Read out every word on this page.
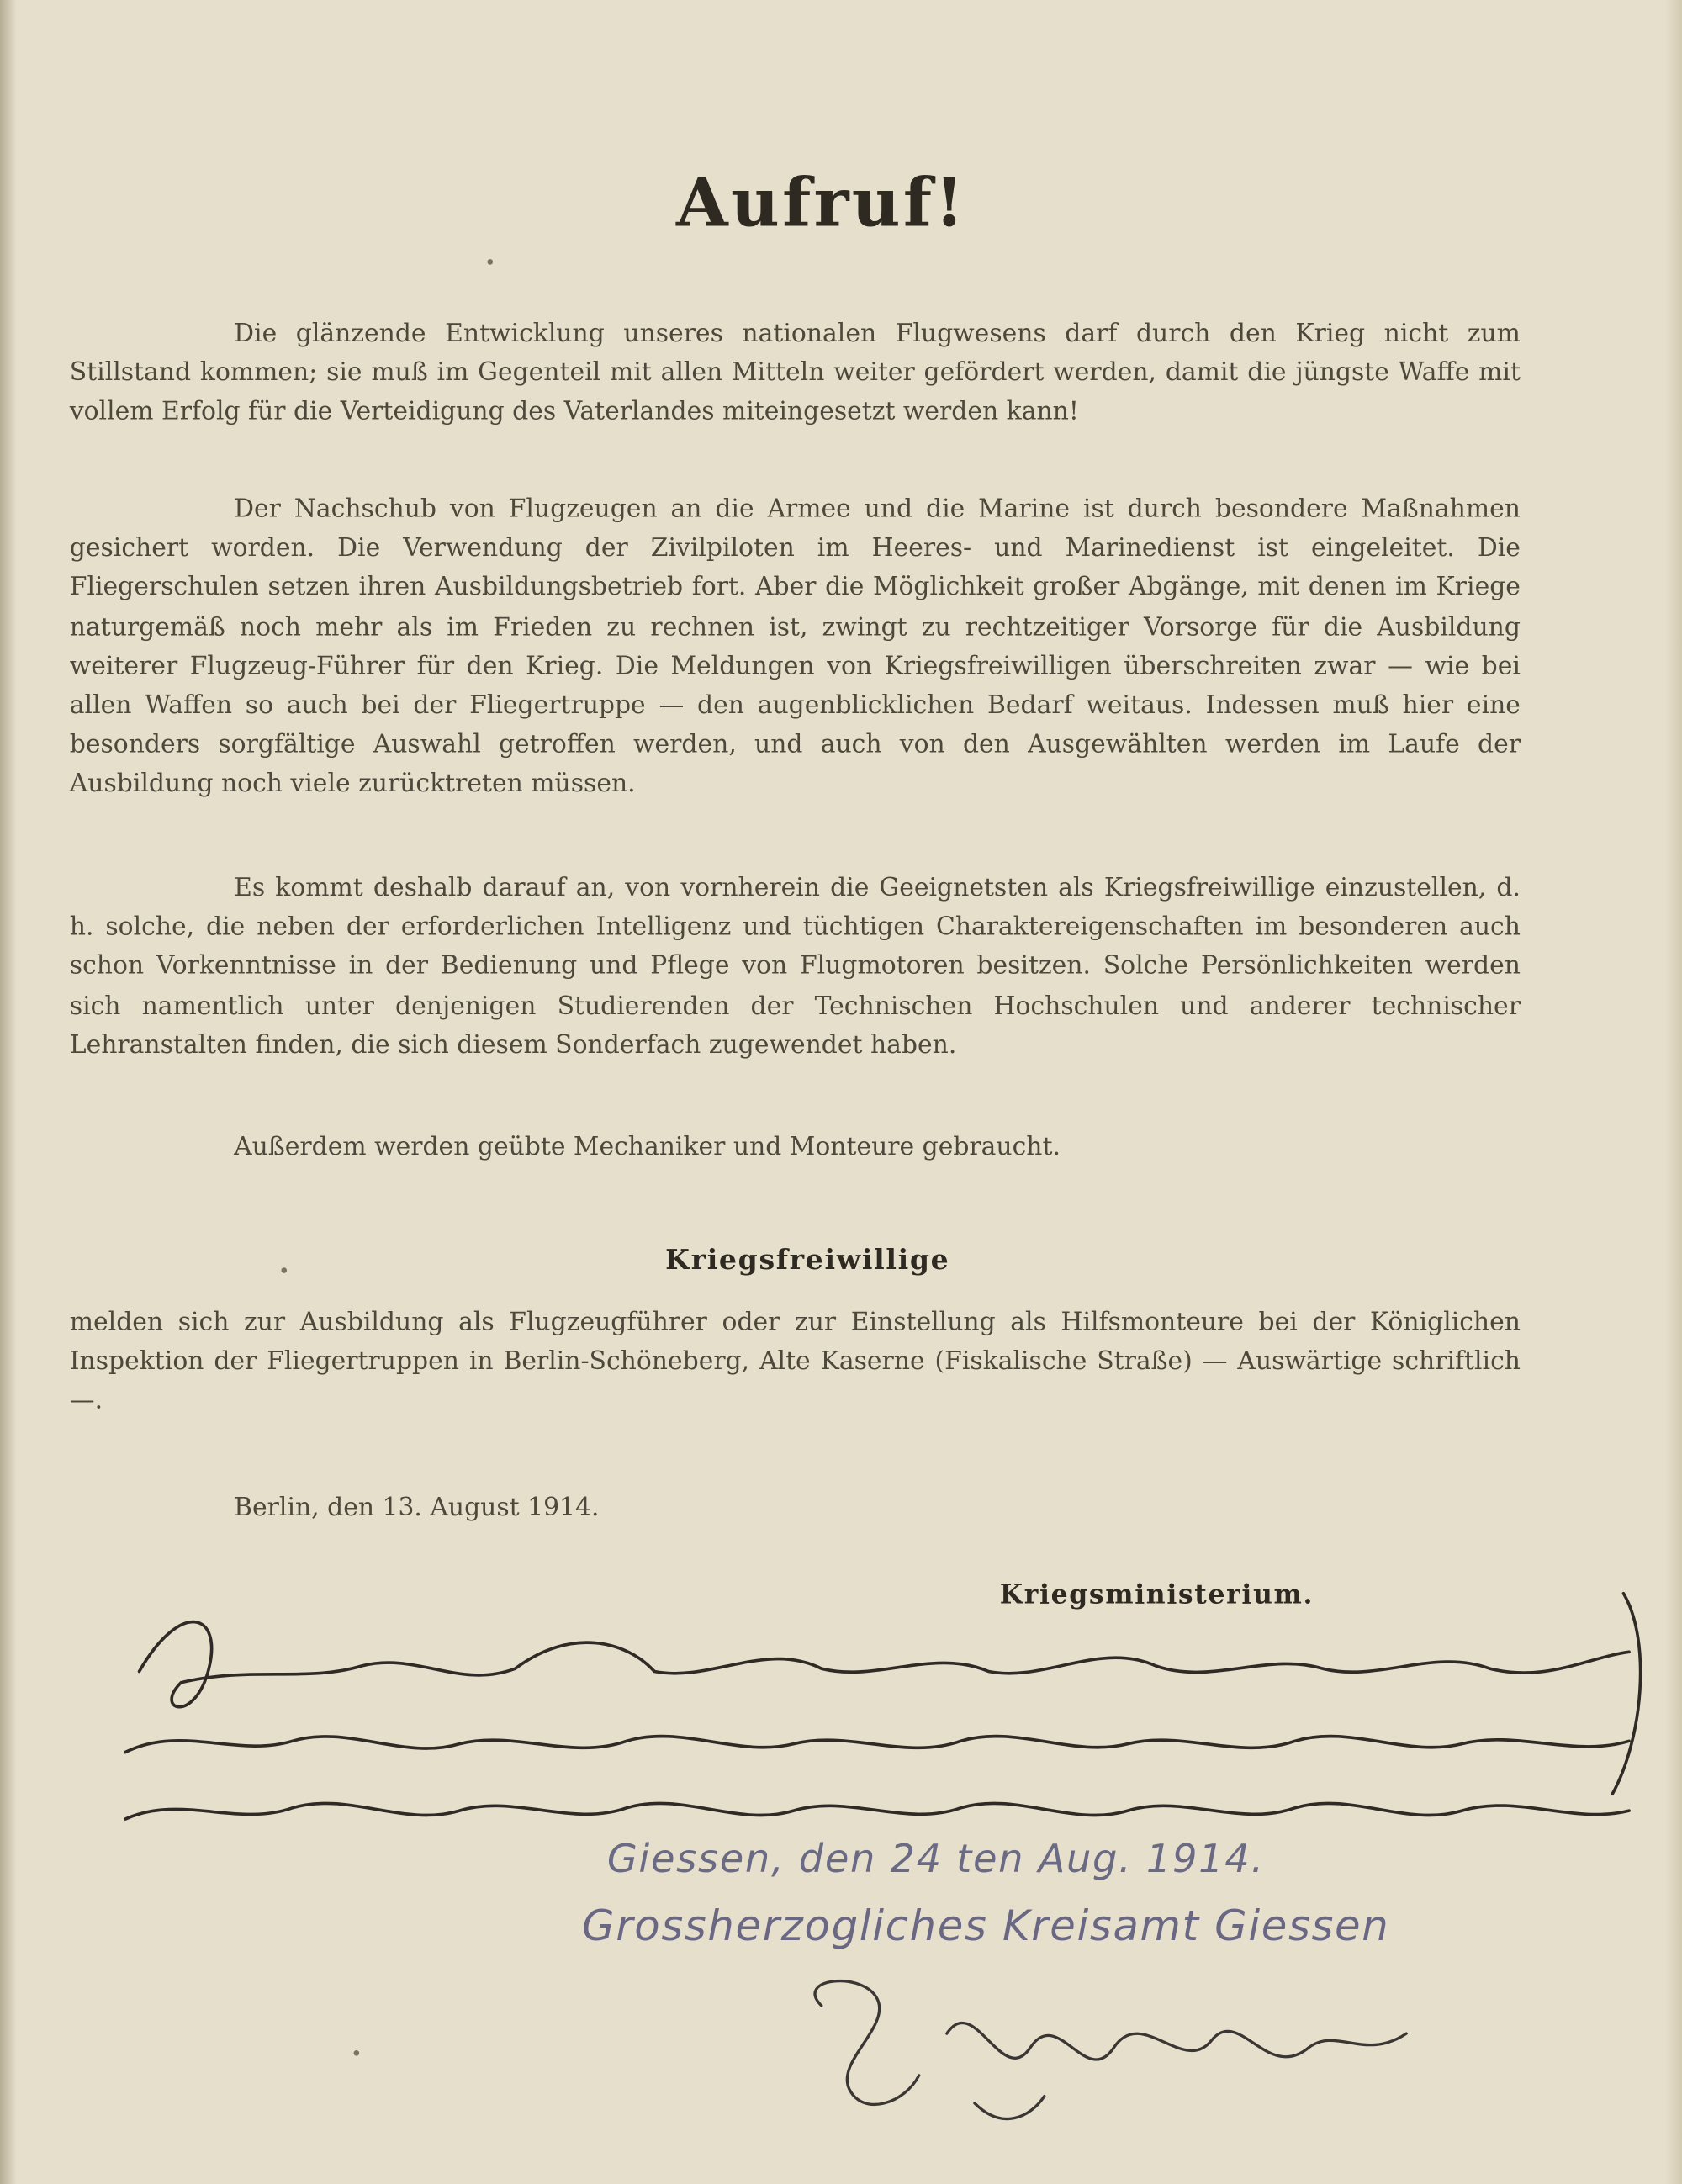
Aufruf!
Die glänzende Entwicklung unseres nationalen Flugwesens darf durch den Krieg nicht zum Stillstand kommen; sie muß im Gegenteil mit allen Mitteln weiter gefördert werden, damit die jüngste Waffe mit vollem Erfolg für die Verteidigung des Vaterlandes miteingesetzt werden kann!
Der Nachschub von Flugzeugen an die Armee und die Marine ist durch besondere Maßnahmen gesichert worden. Die Verwendung der Zivilpiloten im Heeres- und Marinedienst ist eingeleitet. Die Fliegerschulen setzen ihren Ausbildungsbetrieb fort. Aber die Möglichkeit großer Abgänge, mit denen im Kriege naturgemäß noch mehr als im Frieden zu rechnen ist, zwingt zu rechtzeitiger Vorsorge für die Ausbildung weiterer Flugzeug-Führer für den Krieg. Die Meldungen von Kriegsfreiwilligen überschreiten zwar — wie bei allen Waffen so auch bei der Fliegertruppe — den augenblicklichen Bedarf weitaus. Indessen muß hier eine besonders sorgfältige Auswahl getroffen werden, und auch von den Ausgewählten werden im Laufe der Ausbildung noch viele zurücktreten müssen.
Es kommt deshalb darauf an, von vornherein die Geeignetsten als Kriegsfreiwillige einzustellen, d. h. solche, die neben der erforderlichen Intelligenz und tüchtigen Charaktereigenschaften im besonderen auch schon Vorkenntnisse in der Bedienung und Pflege von Flugmotoren besitzen. Solche Persönlichkeiten werden sich namentlich unter denjenigen Studierenden der Technischen Hochschulen und anderer technischer Lehranstalten finden, die sich diesem Sonderfach zugewendet haben.
Außerdem werden geübte Mechaniker und Monteure gebraucht.
Kriegsfreiwillige
melden sich zur Ausbildung als Flugzeugführer oder zur Einstellung als Hilfsmonteure bei der Königlichen Inspektion der Fliegertruppen in Berlin-Schöneberg, Alte Kaserne (Fiskalische Straße) — Auswärtige schriftlich —.
Berlin, den 13. August 1914.
Kriegsministerium.
Giessen, den 24 ten Aug. 1914.
Grossherzogliches Kreisamt Giessen
